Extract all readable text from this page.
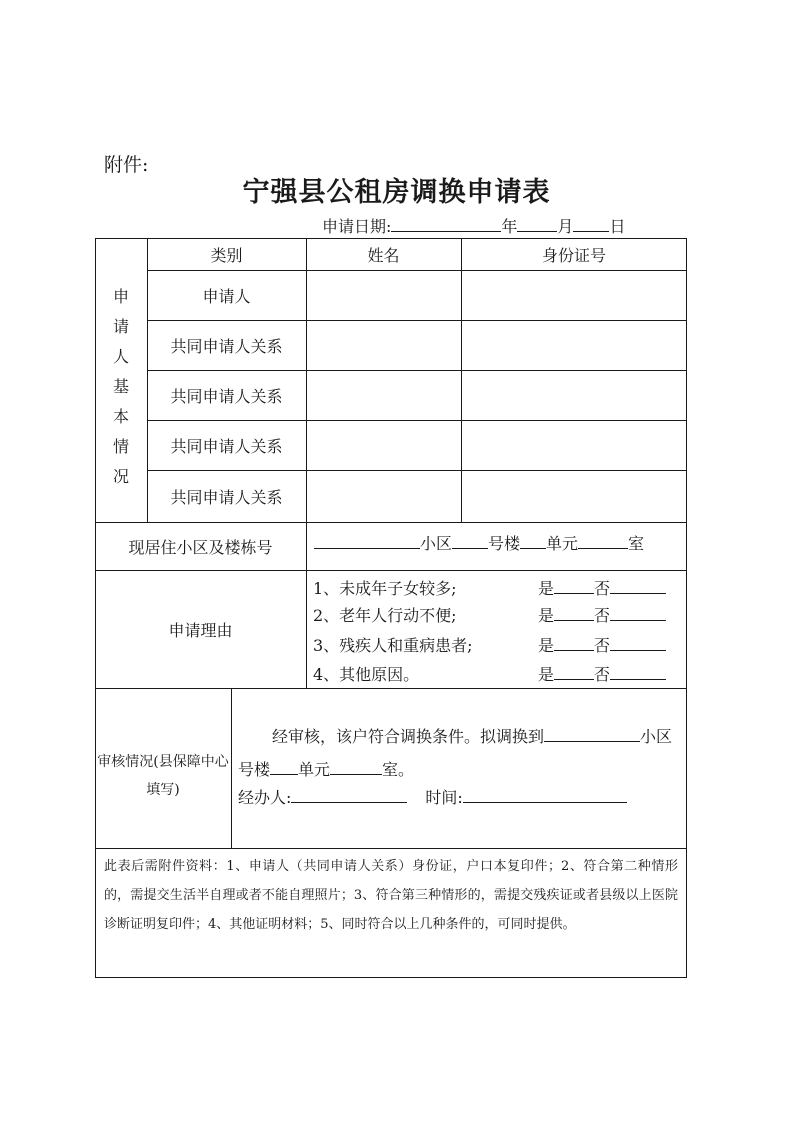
附件:
宁强县公租房调换申请表
申请日期:	年	月 日
申
请
人
基
本
情
况
类别	姓名	身份证号
申请人
共同申请人关系
共同申请人关系
共同申请人关系
共同申请人关系
现居住小区及楼栋号	小区 号楼 单元	室
申请理由
1、未成年子女较多;	是	否
2、老年人行动不便;	是	否
3、残疾人和重病患者;	是	否
4、其他原因。	是	否
审核情况(县保障中心填写)
经审核，该户符合调换条件。拟调换到	小区
号楼 单元	室。
经办人:	时间:
此表后需附件资料：1、申请人（共同申请人关系）身份证，户口本复印件；2、符合第二种情形的，需提交生活半自理或者不能自理照片；3、符合第三种情形的，需提交残疾证或者县级以上医院诊断证明复印件；4、其他证明材料；5、同时符合以上几种条件的，可同时提供。
